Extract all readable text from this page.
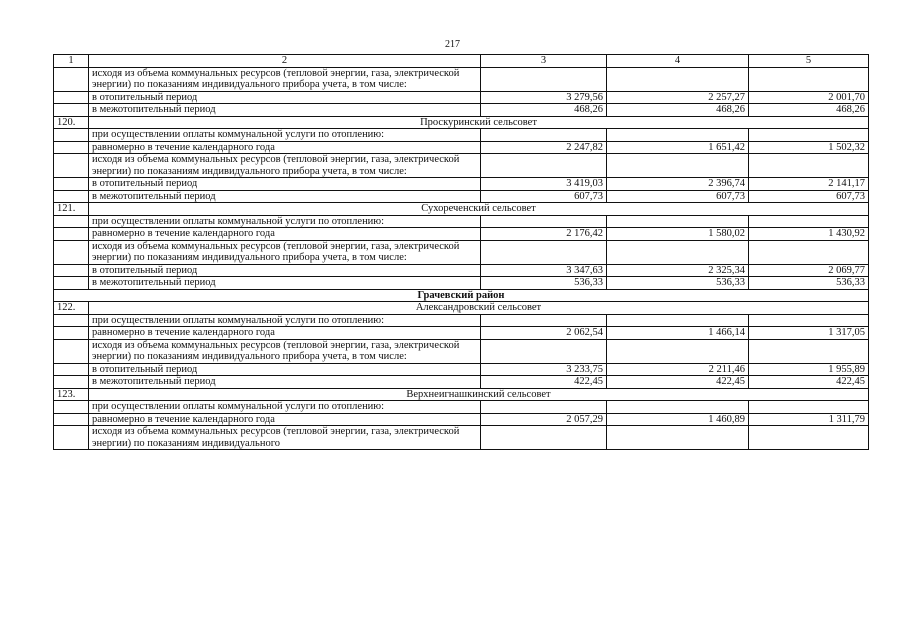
217
1	2	3	4	5
	исходя из объема коммунальных ресурсов (тепловой энергии, газа, электрической энергии) по показаниям индивидуального прибора учета, в том числе:			
	в отопительный период	3 279,56	2 257,27	2 001,70
	в межотопительный период	468,26	468,26	468,26
120.	Проскуринский сельсовет			
	при осуществлении оплаты коммунальной услуги по отоплению:			
	равномерно в течение календарного года	2 247,82	1 651,42	1 502,32
	исходя из объема коммунальных ресурсов (тепловой энергии, газа, электрической энергии) по показаниям индивидуального прибора учета, в том числе:			
	в отопительный период	3 419,03	2 396,74	2 141,17
	в межотопительный период	607,73	607,73	607,73
121.	Сухореченский сельсовет			
	при осуществлении оплаты коммунальной услуги по отоплению:			
	равномерно в течение календарного года	2 176,42	1 580,02	1 430,92
	исходя из объема коммунальных ресурсов (тепловой энергии, газа, электрической энергии) по показаниям индивидуального прибора учета, в том числе:			
	в отопительный период	3 347,63	2 325,34	2 069,77
	в межотопительный период	536,33	536,33	536,33
Грачевский район				
122.	Александровский сельсовет			
	при осуществлении оплаты коммунальной услуги по отоплению:			
	равномерно в течение календарного года	2 062,54	1 466,14	1 317,05
	исходя из объема коммунальных ресурсов (тепловой энергии, газа, электрической энергии) по показаниям индивидуального прибора учета, в том числе:			
	в отопительный период	3 233,75	2 211,46	1 955,89
	в межотопительный период	422,45	422,45	422,45
123.	Верхнеигнашкинский сельсовет			
	при осуществлении оплаты коммунальной услуги по отоплению:			
	равномерно в течение календарного года	2 057,29	1 460,89	1 311,79
	исходя из объема коммунальных ресурсов (тепловой энергии, газа, электрической энергии) по показаниям индивидуального			
